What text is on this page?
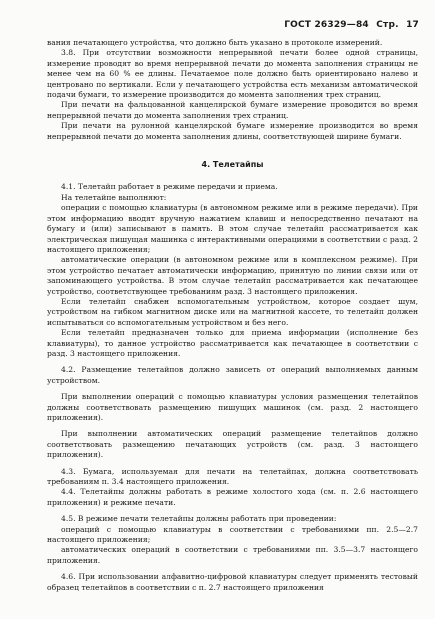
ГОСТ 26329—84 Стр. 17

вания печатающего устройства, что должно быть указано в протоколе измерений.

3.8. При отсутствии возможности непрерывной печати более одной страницы, измерение проводят во время непрерывной печати до момента заполнения страницы не менее чем на 60 % ее длины. Печатаемое поле должно быть ориентировано налево и центровано по вертикали. Если у печатающего устройства есть механизм автоматической подачи бумаги, то измерение производится до момента заполнения трех страниц.

При печати на фальцованной канцелярской бумаге измерение проводится во время непрерывной печати до момента заполнения трех страниц.

При печати на рулонной канцелярской бумаге измерение производится во время непрерывной печати до момента заполнения длины, соответствующей ширине бумаги.

4. Телетайпы

4.1. Телетайп работает в режиме передачи и приема.

На телетайпе выполняют:

операции с помощью клавиатуры (в автономном режиме или в режиме передачи). При этом информацию вводят вручную нажатием клавиш и непосредственно печатают на бумагу и (или) записывают в память. В этом случае телетайп рассматривается как электрическая пишущая машинка с интерактивными операциями в соответствии с разд. 2 настоящего приложения;

автоматические операции (в автономном режиме или в комплексном режиме). При этом устройство печатает автоматически информацию, принятую по линии связи или от запоминающего устройства. В этом случае телетайп рассматривается как печатающее устройство, соответствующее требованиям разд. 3 настоящего приложения.

Если телетайп снабжен вспомогательным устройством, которое создает шум, устройством на гибком магнитном диске или на магнитной кассете, то телетайп должен испытываться со вспомогательным устройством и без него.

Если телетайп предназначен только для приема информации (исполнение без клавиатуры), то данное устройство рассматривается как печатающее в соответствии с разд. 3 настоящего приложения.

4.2. Размещение телетайпов должно зависеть от операций выполняемых данным устройством.

При выполнении операций с помощью клавиатуры условия размещения телетайпов должны соответствовать размещению пишущих машинок (см. разд. 2 настоящего приложения).

При выполнении автоматических операций размещение телетайпов должно соответствовать размещению печатающих устройств (см. разд. 3 настоящего приложения).

4.3. Бумага, используемая для печати на телетайпах, должна соответствовать требованиям п. 3.4 настоящего приложения.

4.4. Телетайпы должны работать в режиме холостого хода (см. п. 2.6 настоящего приложения) и режиме печати.

4.5. В режиме печати телетайпы должны работать при проведении:

операций с помощью клавиатуры в соответствии с требованиями пп. 2.5—2.7 настоящего приложения;

автоматических операций в соответствии с требованиями пп. 3.5—3.7 настоящего приложения.

4.6. При использовании алфавитно-цифровой клавиатуры следует применять тестовый образец телетайпов в соответствии с п. 2.7 настоящего приложения
